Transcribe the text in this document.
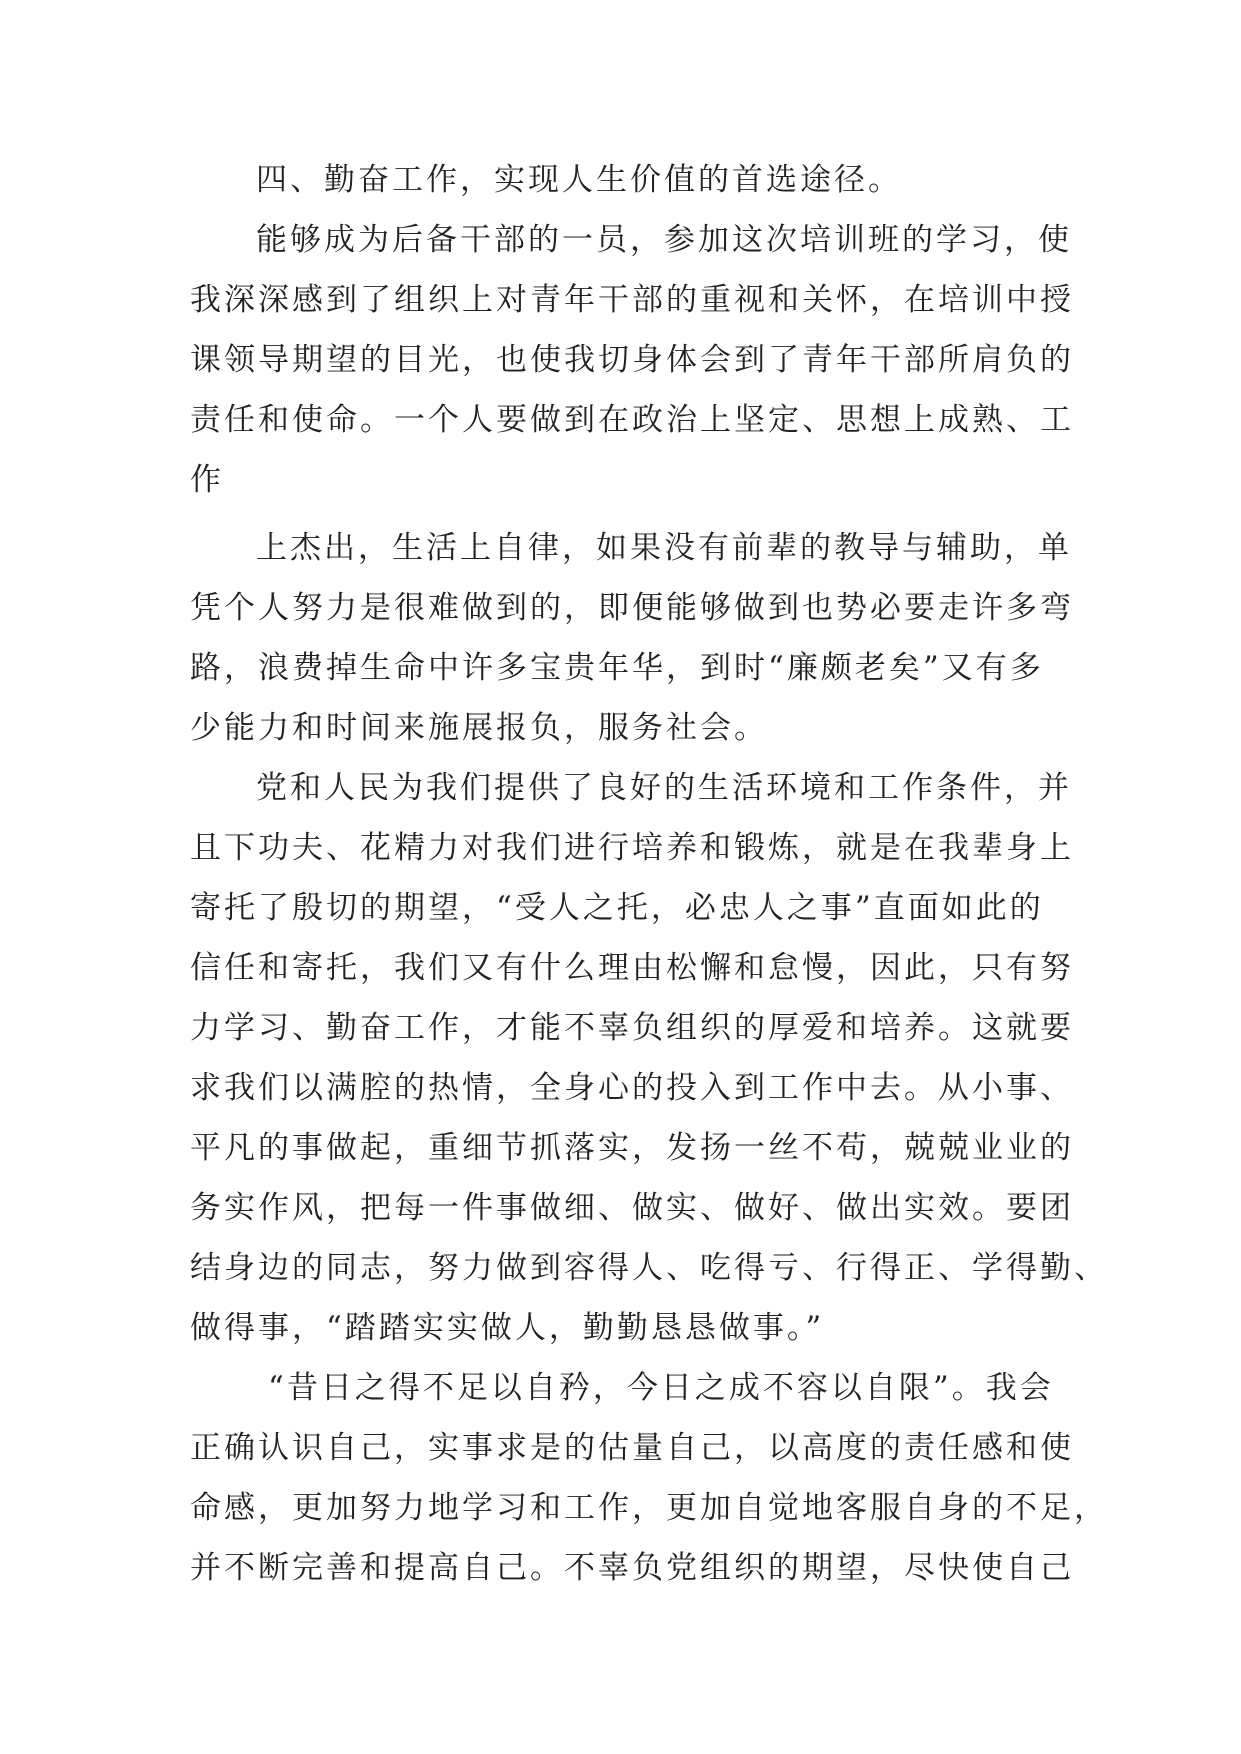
四、勤奋工作，实现人生价值的首选途径。
能够成为后备干部的一员，参加这次培训班的学习，使
我深深感到了组织上对青年干部的重视和关怀，在培训中授
课领导期望的目光，也使我切身体会到了青年干部所肩负的
责任和使命。一个人要做到在政治上坚定、思想上成熟、工
作
上杰出，生活上自律，如果没有前辈的教导与辅助，单
凭个人努力是很难做到的，即便能够做到也势必要走许多弯
路，浪费掉生命中许多宝贵年华，到时“廉颇老矣”又有多
少能力和时间来施展报负，服务社会。
党和人民为我们提供了良好的生活环境和工作条件，并
且下功夫、花精力对我们进行培养和锻炼，就是在我辈身上
寄托了殷切的期望，“受人之托，必忠人之事”直面如此的
信任和寄托，我们又有什么理由松懈和怠慢，因此，只有努
力学习、勤奋工作，才能不辜负组织的厚爱和培养。这就要
求我们以满腔的热情，全身心的投入到工作中去。从小事、
平凡的事做起，重细节抓落实，发扬一丝不苟，兢兢业业的
务实作风，把每一件事做细、做实、做好、做出实效。要团
结身边的同志，努力做到容得人、吃得亏、行得正、学得勤、
做得事，“踏踏实实做人，勤勤恳恳做事。”
“昔日之得不足以自矜，今日之成不容以自限”。我会
正确认识自己，实事求是的估量自己，以高度的责任感和使
命感，更加努力地学习和工作，更加自觉地客服自身的不足，
并不断完善和提高自己。不辜负党组织的期望，尽快使自己
